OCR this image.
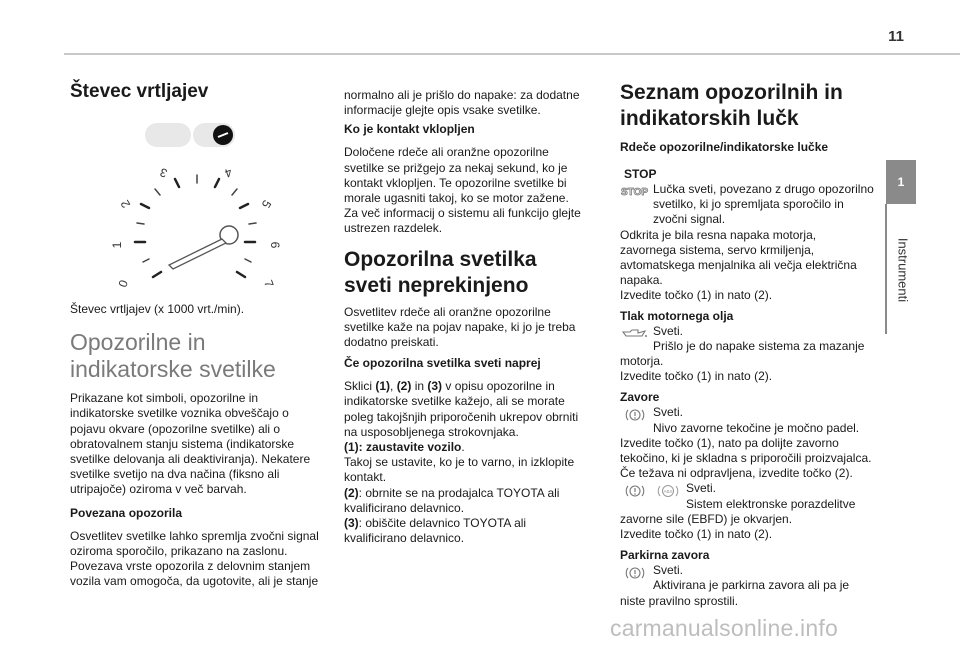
11
1
Instrumenti
Števec vrtljajev
0
1
2
3	4
5
6
7

Števec vrtljajev (x 1000 vrt./min).

Opozorilne in indikatorske svetilke

Prikazane kot simboli, opozorilne in indikatorske svetilke voznika obveščajo o pojavu okvare (opozorilne svetilke) ali o obratovalnem stanju sistema (indikatorske svetilke delovanja ali deaktiviranja). Nekatere svetilke svetijo na dva načina (fiksno ali utripajoče) oziroma v več barvah.

Povezana opozorila

Osvetlitev svetilke lahko spremlja zvočni signal oziroma sporočilo, prikazano na zaslonu. Povezava vrste opozorila z delovnim stanjem vozila vam omogoča, da ugotovite, ali je stanje

normalno ali je prišlo do napake: za dodatne informacije glejte opis vsake svetilke.

Ko je kontakt vklopljen

Določene rdeče ali oranžne opozorilne svetilke se prižgejo za nekaj sekund, ko je kontakt vklopljen. Te opozorilne svetilke bi morale ugasniti takoj, ko se motor zažene.

Za več informacij o sistemu ali funkcijo glejte ustrezen razdelek.

Opozorilna svetilka sveti neprekinjeno

Osvetlitev rdeče ali oranžne opozorilne svetilke kaže na pojav napake, ki jo je treba dodatno preiskati.

Če opozorilna svetilka sveti naprej

Sklici (1), (2) in (3) v opisu opozorilne in indikatorske svetilke kažejo, ali se morate poleg takojšnjih priporočenih ukrepov obrniti na usposobljenega strokovnjaka.

(1): zaustavite vozilo.

Takoj se ustavite, ko je to varno, in izklopite kontakt.

(2): obrnite se na prodajalca TOYOTA ali kvalificirano delavnico.

(3): obiščite delavnico TOYOTA ali kvalificirano delavnico.

Seznam opozorilnih in indikatorskih lučk
Rdeče opozorilne/indikatorske lučke
STOP
STOP Lučka sveti, povezano z drugo opozorilno svetilko, ki jo spremljata sporočilo in zvočni signal.

Odkrita je bila resna napaka motorja, zavornega sistema, servo krmiljenja, avtomatskega menjalnika ali večja električna napaka.

Izvedite točko (1) in nato (2).

Tlak motornega olja

Sveti.

Prišlo je do napake sistema za mazanje motorja.

Izvedite točko (1) in nato (2).

Zavore

Sveti.

Nivo zavorne tekočine je močno padel.

Izvedite točko (1), nato pa dolijte zavorno tekočino, ki je skladna s priporočili proizvajalca.

Če težava ni odpravljena, izvedite točko (2).

ABS Sveti.

Sistem elektronske porazdelitve zavorne sile (EBFD) je okvarjen.

Izvedite točko (1) in nato (2).

Parkirna zavora

Sveti.

Aktivirana je parkirna zavora ali pa je niste pravilno sprostili.

carmanualsonline.info
